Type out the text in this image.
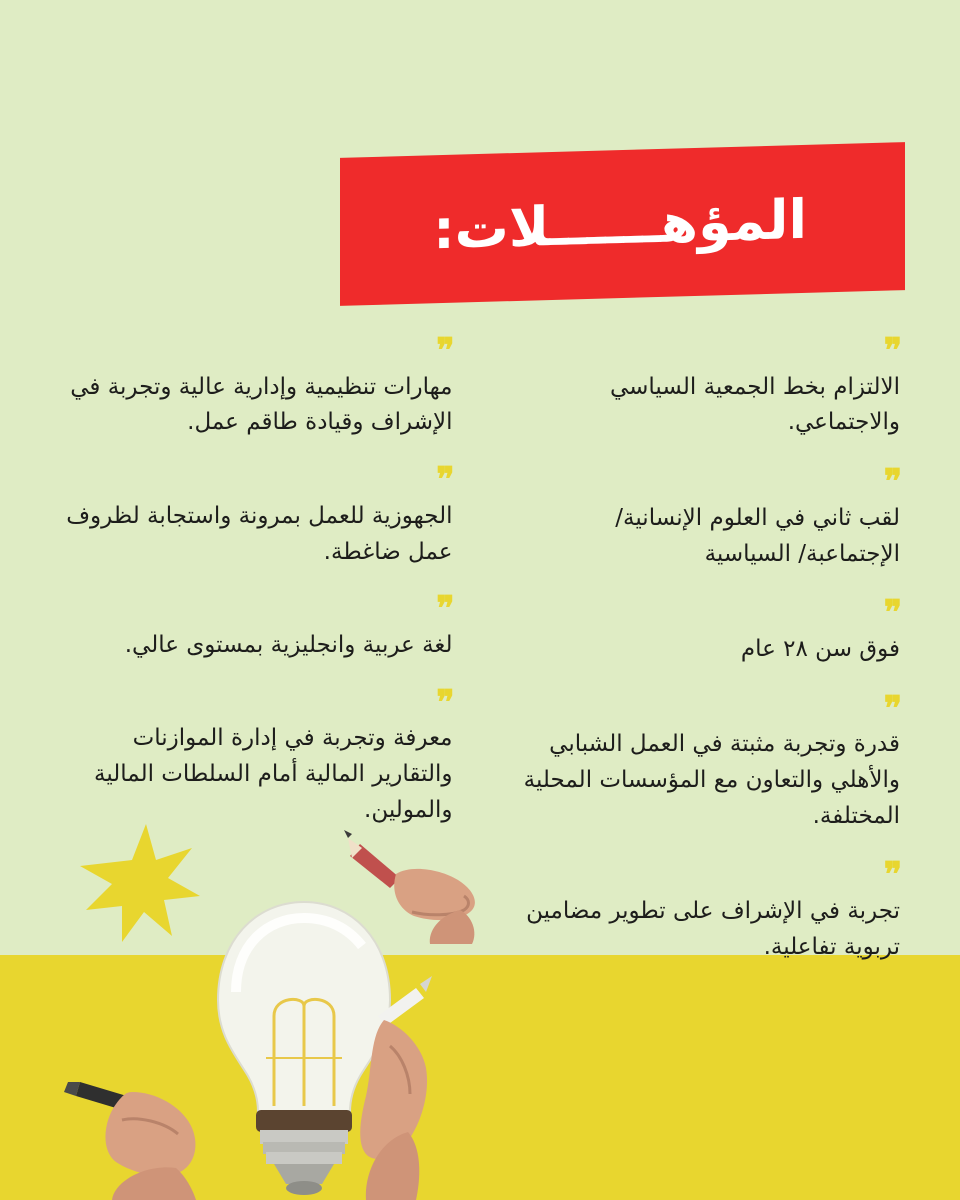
المؤهــــــلات:
❞
الالتزام بخط الجمعية السياسي والاجتماعي.
❞
لقب ثاني في العلوم الإنسانية/ الإجتماعبة/ السياسية
❞
فوق سن ٢٨ عام
❞
قدرة وتجربة مثبتة في العمل الشبابي والأهلي والتعاون مع المؤسسات المحلية المختلفة.
❞
تجربة في الإشراف على تطوير مضامين تربوية تفاعلية.
❞
مهارات تنظيمية وإدارية عالية وتجربة في الإشراف وقيادة طاقم عمل.
❞
الجهوزية للعمل بمرونة واستجابة لظروف عمل ضاغطة.
❞
لغة عربية وانجليزية بمستوى عالي.
❞
معرفة وتجربة في إدارة الموازنات والتقارير المالية أمام السلطات المالية والمولين.
